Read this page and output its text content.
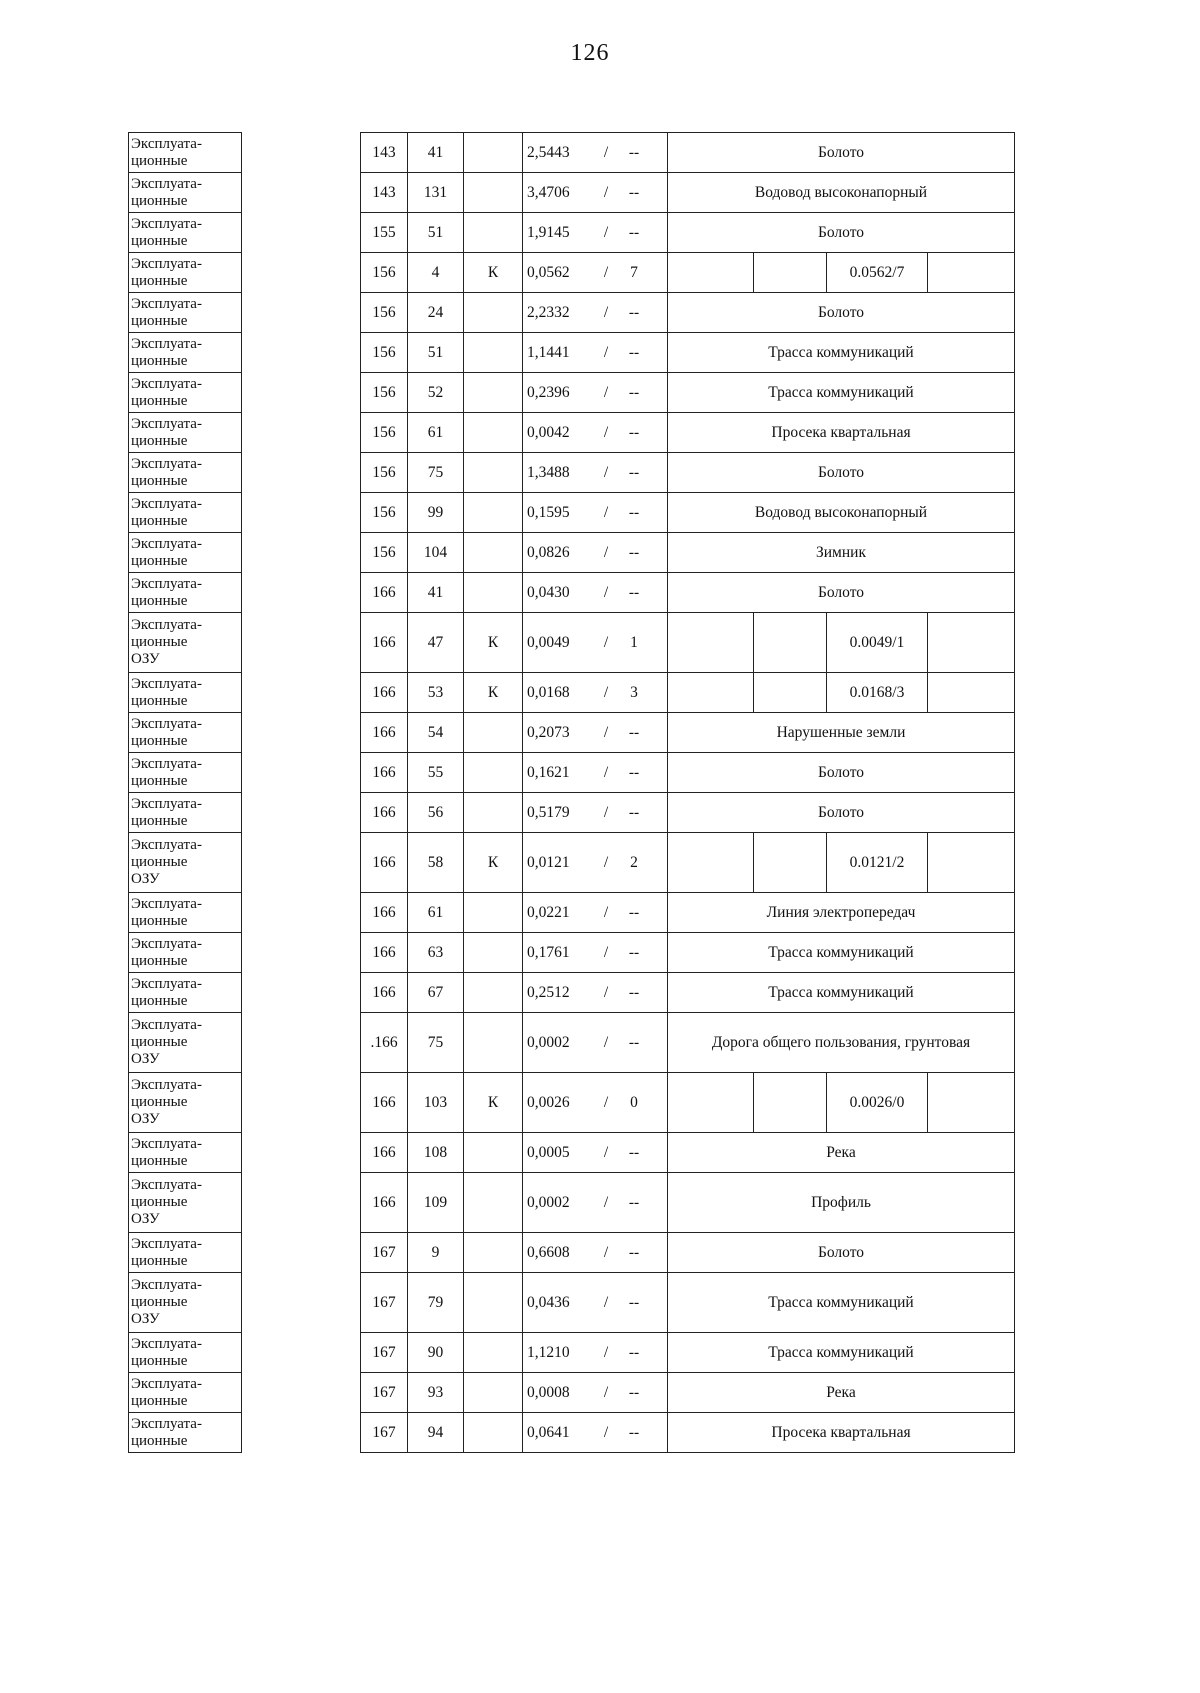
126
Эксплуата-
ционные		143	41		2,5443 / --	Болото			

Эксплуата-
ционные		143	131		3,4706 / --	Водовод высоконапорный			

Эксплуата-
ционные		155	51		1,9145 / --	Болото			

Эксплуата-
ционные		156	4	К	0,0562 / 7			0.0562/7	

Эксплуата-
ционные		156	24		2,2332 / --	Болото			

Эксплуата-
ционные		156	51		1,1441 / --	Трасса коммуникаций			

Эксплуата-
ционные		156	52		0,2396 / --	Трасса коммуникаций			

Эксплуата-
ционные		156	61		0,0042 / --	Просека квартальная			

Эксплуата-
ционные		156	75		1,3488 / --	Болото			

Эксплуата-
ционные		156	99		0,1595 / --	Водовод высоконапорный			

Эксплуата-
ционные		156	104		0,0826 / --	Зимник			

Эксплуата-
ционные		166	41		0,0430 / --	Болото			

Эксплуата-
ционные
ОЗУ		166	47	К	0,0049 / 1			0.0049/1	

Эксплуата-
ционные		166	53	К	0,0168 / 3			0.0168/3	

Эксплуата-
ционные		166	54		0,2073 / --	Нарушенные земли			

Эксплуата-
ционные		166	55		0,1621 / --	Болото			

Эксплуата-
ционные		166	56		0,5179 / --	Болото			

Эксплуата-
ционные
ОЗУ		166	58	К	0,0121 / 2			0.0121/2	

Эксплуата-
ционные		166	61		0,0221 / --	Линия электропередач			

Эксплуата-
ционные		166	63		0,1761 / --	Трасса коммуникаций			

Эксплуата-
ционные		166	67		0,2512 / --	Трасса коммуникаций			

Эксплуата-
ционные
ОЗУ		.166	75		0,0002 / --	Дорога общего пользования, грунтовая			

Эксплуата-
ционные
ОЗУ		166	103	К	0,0026 / 0			0.0026/0	

Эксплуата-
ционные		166	108		0,0005 / --	Река			

Эксплуата-
ционные
ОЗУ		166	109		0,0002 / --	Профиль			

Эксплуата-
ционные		167	9		0,6608 / --	Болото			

Эксплуата-
ционные
ОЗУ		167	79		0,0436 / --	Трасса коммуникаций			

Эксплуата-
ционные		167	90		1,1210 / --	Трасса коммуникаций			

Эксплуата-
ционные		167	93		0,0008 / --	Река			

Эксплуата-
ционные		167	94		0,0641 / --	Просека квартальная			
